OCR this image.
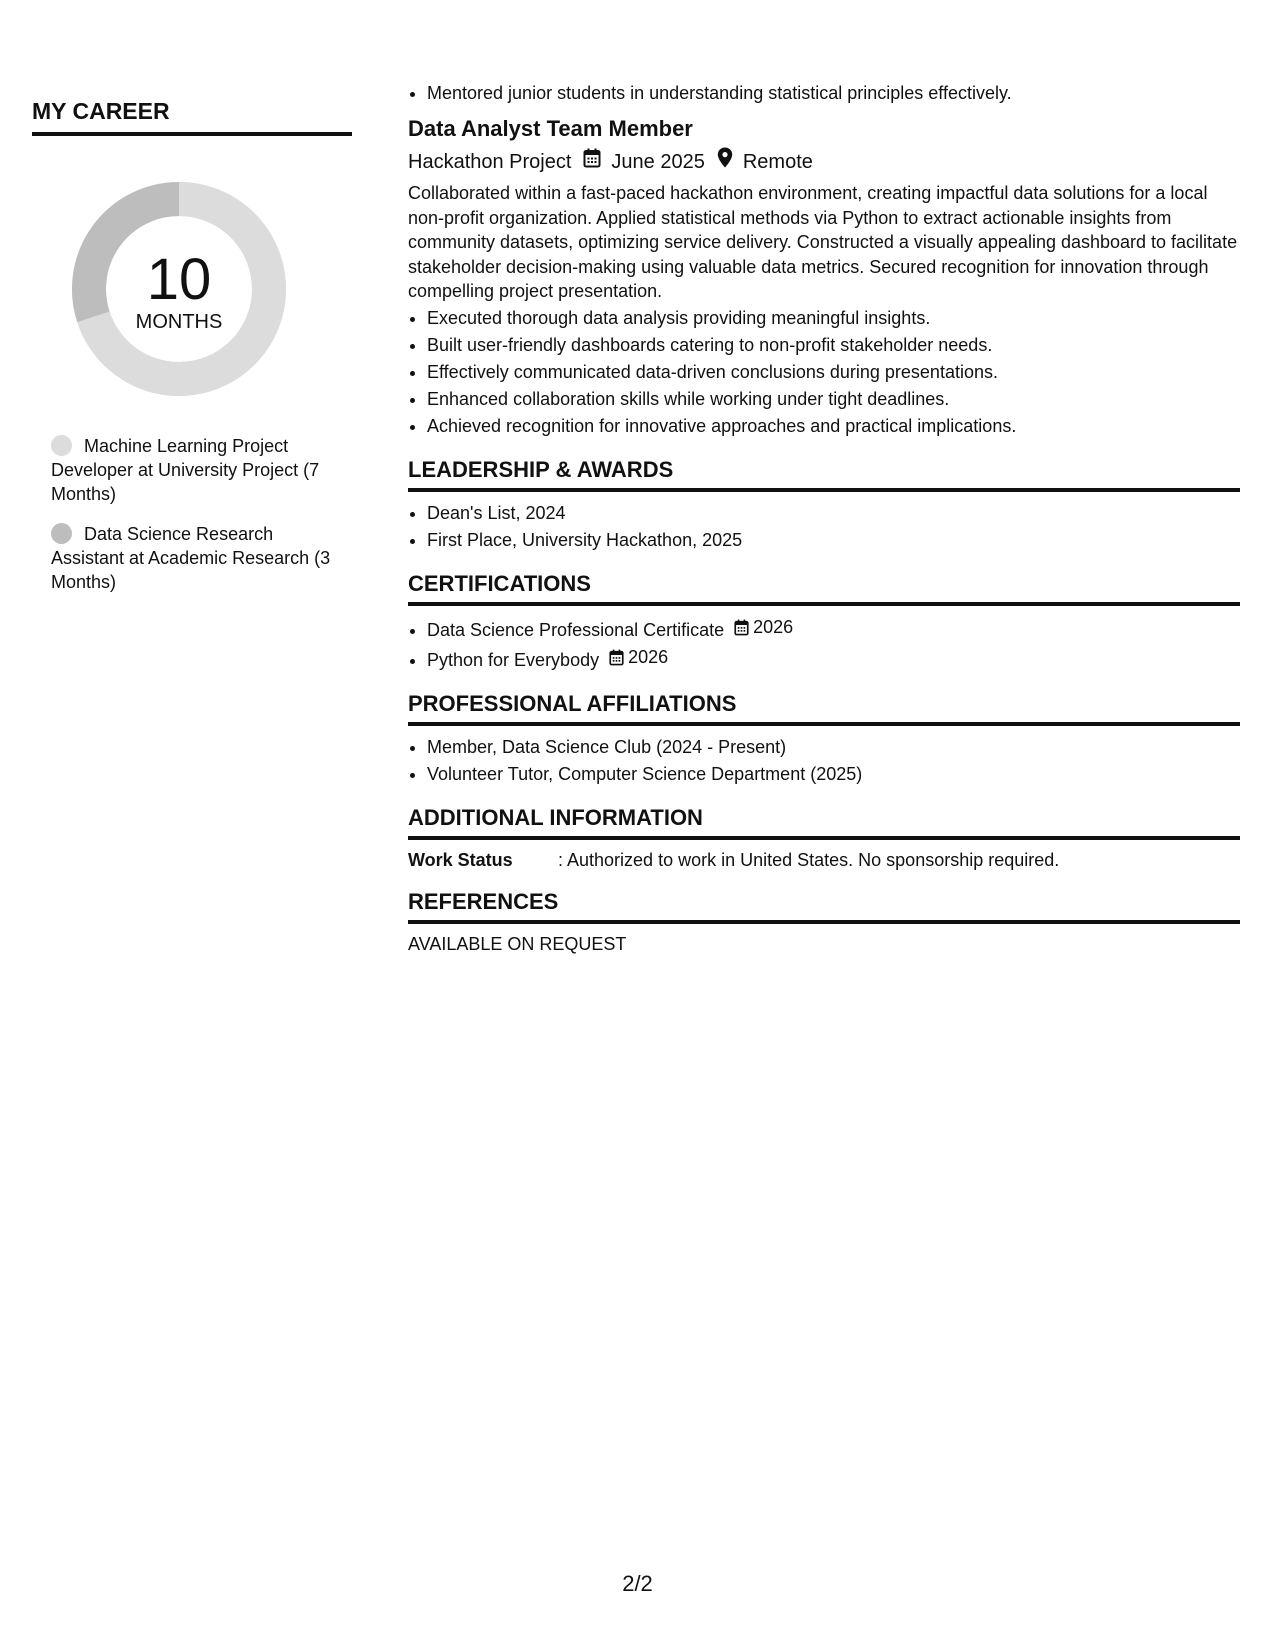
MY CAREER
10
MONTHS
Machine Learning Project Developer at University Project (7 Months)
Data Science Research Assistant at Academic Research (3 Months)
• Mentored junior students in understanding statistical principles effectively.
Data Analyst Team Member
Hackathon Project June 2025 Remote

Collaborated within a fast-paced hackathon environment, creating impactful data solutions for a local non-profit organization. Applied statistical methods via Python to extract actionable insights from community datasets, optimizing service delivery. Constructed a visually appealing dashboard to facilitate stakeholder decision-making using valuable data metrics. Secured recognition for innovation through compelling project presentation.

• Executed thorough data analysis providing meaningful insights.
• Built user-friendly dashboards catering to non-profit stakeholder needs.
• Effectively communicated data-driven conclusions during presentations.
• Enhanced collaboration skills while working under tight deadlines.
• Achieved recognition for innovative approaches and practical implications.
LEADERSHIP & AWARDS
• Dean's List, 2024
• First Place, University Hackathon, 2025
CERTIFICATIONS
• Data Science Professional Certificate 2026
• Python for Everybody 2026
PROFESSIONAL AFFILIATIONS
• Member, Data Science Club (2024 - Present)
• Volunteer Tutor, Computer Science Department (2025)
ADDITIONAL INFORMATION
Work Status	: Authorized to work in United States. No sponsorship required.
REFERENCES
AVAILABLE ON REQUEST
2/2
